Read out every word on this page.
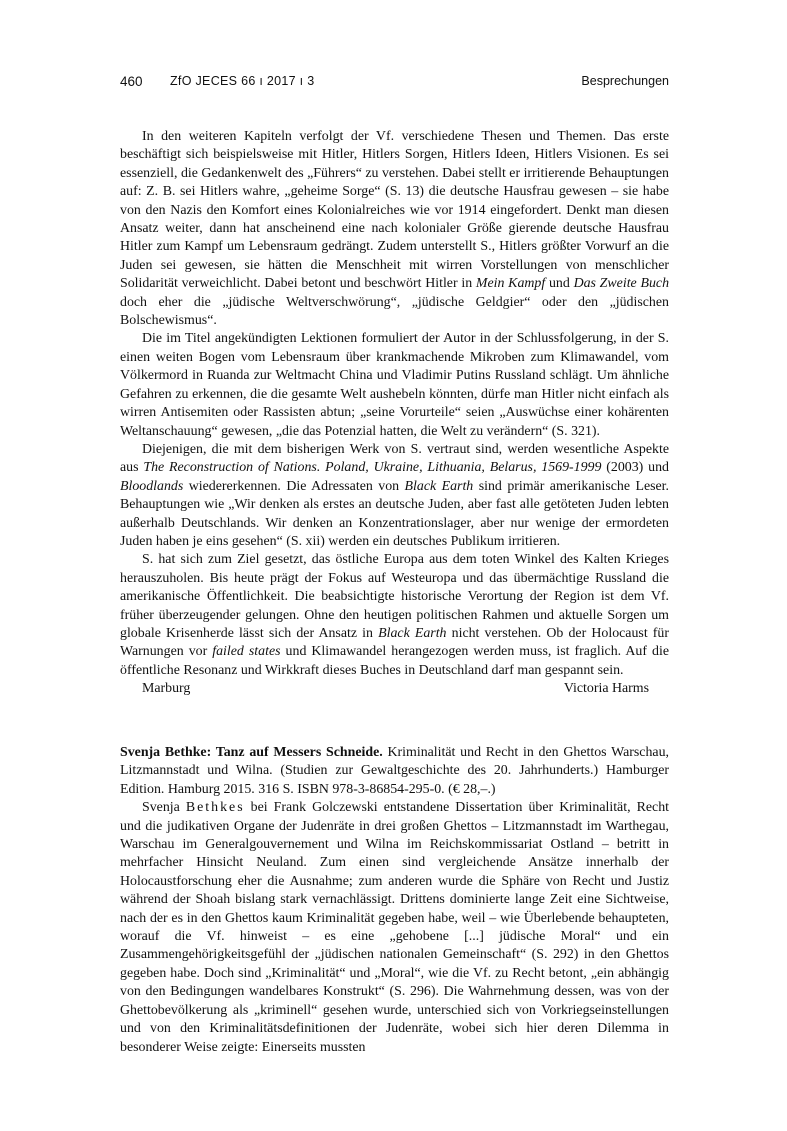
460 ZfO JECES 66 ı 2017 ı 3	Besprechungen

In den weiteren Kapiteln verfolgt der Vf. verschiedene Thesen und Themen. Das erste beschäftigt sich beispielsweise mit Hitler, Hitlers Sorgen, Hitlers Ideen, Hitlers Visionen. Es sei essenziell, die Gedankenwelt des „Führers“ zu verstehen. Dabei stellt er irritierende Behauptungen auf: Z. B. sei Hitlers wahre, „geheime Sorge“ (S. 13) die deutsche Hausfrau gewesen – sie habe von den Nazis den Komfort eines Kolonialreiches wie vor 1914 eingefordert. Denkt man diesen Ansatz weiter, dann hat anscheinend eine nach kolonialer Größe gierende deutsche Hausfrau Hitler zum Kampf um Lebensraum gedrängt. Zudem unterstellt S., Hitlers größter Vorwurf an die Juden sei gewesen, sie hätten die Menschheit mit wirren Vorstellungen von menschlicher Solidarität verweichlicht. Dabei betont und beschwört Hitler in Mein Kampf und Das Zweite Buch doch eher die „jüdische Weltverschwörung“, „jüdische Geldgier“ oder den „jüdischen Bolschewismus“.

Die im Titel angekündigten Lektionen formuliert der Autor in der Schlussfolgerung, in der S. einen weiten Bogen vom Lebensraum über krankmachende Mikroben zum Klimawandel, vom Völkermord in Ruanda zur Weltmacht China und Vladimir Putins Russland schlägt. Um ähnliche Gefahren zu erkennen, die die gesamte Welt aushebeln könnten, dürfe man Hitler nicht einfach als wirren Antisemiten oder Rassisten abtun; „seine Vorurteile“ seien „Auswüchse einer kohärenten Weltanschauung“ gewesen, „die das Potenzial hatten, die Welt zu verändern“ (S. 321).

Diejenigen, die mit dem bisherigen Werk von S. vertraut sind, werden wesentliche Aspekte aus The Reconstruction of Nations. Poland, Ukraine, Lithuania, Belarus, 1569-1999 (2003) und Bloodlands wiedererkennen. Die Adressaten von Black Earth sind primär amerikanische Leser. Behauptungen wie „Wir denken als erstes an deutsche Juden, aber fast alle getöteten Juden lebten außerhalb Deutschlands. Wir denken an Konzentrationslager, aber nur wenige der ermordeten Juden haben je eins gesehen“ (S. xii) werden ein deutsches Publikum irritieren.

S. hat sich zum Ziel gesetzt, das östliche Europa aus dem toten Winkel des Kalten Krieges herauszuholen. Bis heute prägt der Fokus auf Westeuropa und das übermächtige Russland die amerikanische Öffentlichkeit. Die beabsichtigte historische Verortung der Region ist dem Vf. früher überzeugender gelungen. Ohne den heutigen politischen Rahmen und aktuelle Sorgen um globale Krisenherde lässt sich der Ansatz in Black Earth nicht verstehen. Ob der Holocaust für Warnungen vor failed states und Klimawandel herangezogen werden muss, ist fraglich. Auf die öffentliche Resonanz und Wirkkraft dieses Buches in Deutschland darf man gespannt sein.

Marburg	Victoria Harms

Svenja Bethke: Tanz auf Messers Schneide. Kriminalität und Recht in den Ghettos Warschau, Litzmannstadt und Wilna. (Studien zur Gewaltgeschichte des 20. Jahrhunderts.) Hamburger Edition. Hamburg 2015. 316 S. ISBN 978-3-86854-295-0. (€ 28,–.)

Svenja Bethkes bei Frank Golczewski entstandene Dissertation über Kriminalität, Recht und die judikativen Organe der Judenräte in drei großen Ghettos – Litzmannstadt im Warthegau, Warschau im Generalgouvernement und Wilna im Reichskommissariat Ostland – betritt in mehrfacher Hinsicht Neuland. Zum einen sind vergleichende Ansätze innerhalb der Holocaustforschung eher die Ausnahme; zum anderen wurde die Sphäre von Recht und Justiz während der Shoah bislang stark vernachlässigt. Drittens dominierte lange Zeit eine Sichtweise, nach der es in den Ghettos kaum Kriminalität gegeben habe, weil – wie Überlebende behaupteten, worauf die Vf. hinweist – es eine „gehobene [...] jüdische Moral“ und ein Zusammengehörigkeitsgefühl der „jüdischen nationalen Gemeinschaft“ (S. 292) in den Ghettos gegeben habe. Doch sind „Kriminalität“ und „Moral“, wie die Vf. zu Recht betont, „ein abhängig von den Bedingungen wandelbares Konstrukt“ (S. 296). Die Wahrnehmung dessen, was von der Ghettobevölkerung als „kriminell“ gesehen wurde, unterschied sich von Vorkriegseinstellungen und von den Kriminalitätsdefinitionen der Judenräte, wobei sich hier deren Dilemma in besonderer Weise zeigte: Einerseits mussten
